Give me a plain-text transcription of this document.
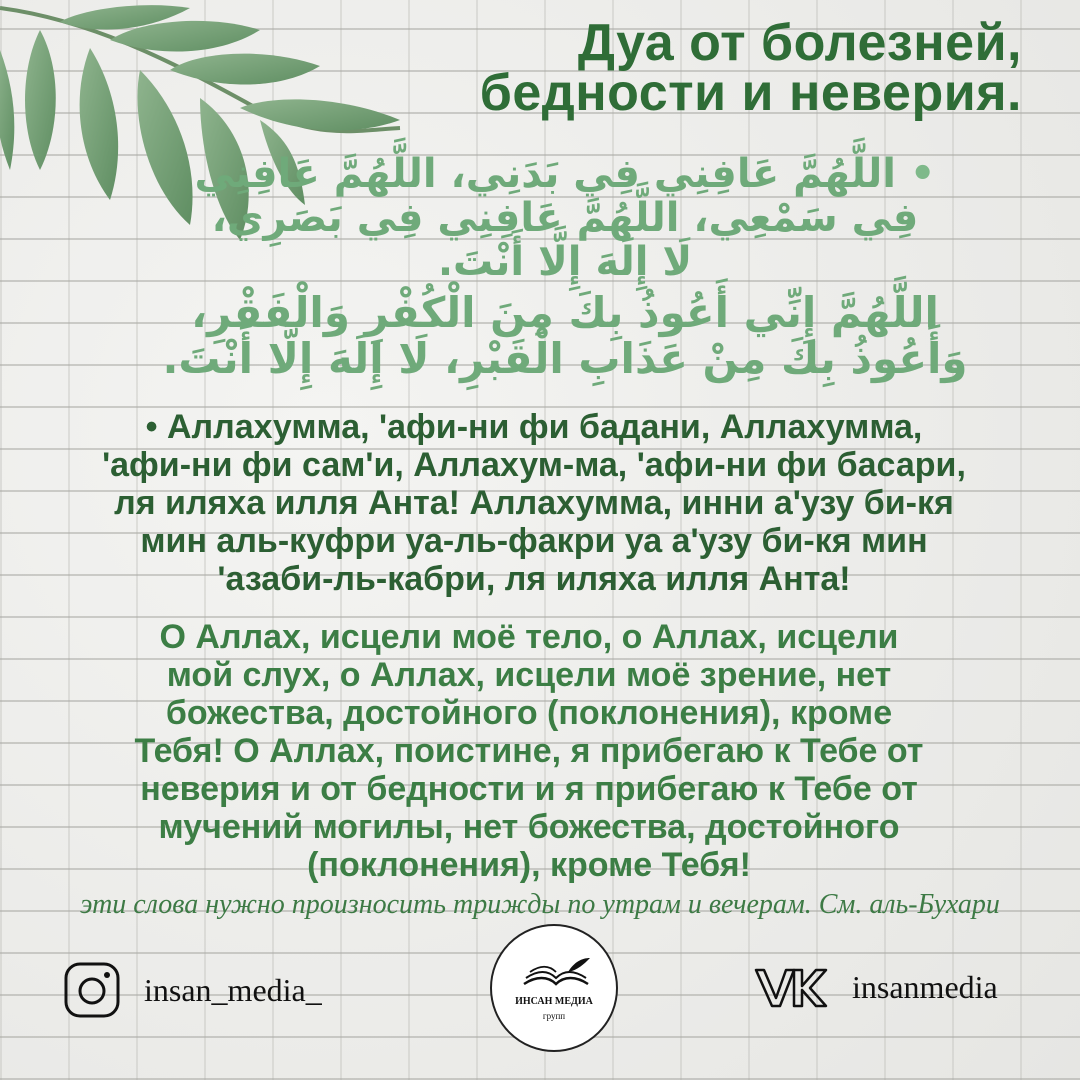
Дуа от болезней,
бедности и неверия.
• اللَّهُمَّ عَافِنِي فِي بَدَنِي، اللَّهُمَّ عَافِنِي
فِي سَمْعِي، اللَّهُمَّ عَافِنِي فِي بَصَرِي،
لَا إِلَهَ إِلَّا أَنْتَ.
اللَّهُمَّ إِنِّي أَعُوذُ بِكَ مِنَ الْكُفْرِ وَالْفَقْرِ،
وَأَعُوذُ بِكَ مِنْ عَذَابِ الْقَبْرِ، لَا إِلَهَ إِلَّا أَنْتَ.
• Аллахумма, 'афи-ни фи бадани, Аллахумма,
'афи-ни фи сам'и, Аллахум-ма, 'афи-ни фи басари,
ля иляха илля Анта! Аллахумма, инни а'узу би-кя
мин аль-куфри уа-ль-факри уа а'узу би-кя мин
'азаби-ль-кабри, ля иляха илля Анта!
О Аллах, исцели моё тело, о Аллах, исцели
мой слух, о Аллах, исцели моё зрение, нет
божества, достойного (поклонения), кроме
Тебя! О Аллах, поистине, я прибегаю к Тебе от
неверия и от бедности и я прибегаю к Тебе от
мучений могилы, нет божества, достойного
(поклонения), кроме Тебя!
эти слова нужно произносить трижды по утрам и вечерам. См. аль-Бухари
insan_media_	ИНСАН МЕДИА
групп
insanmedia
